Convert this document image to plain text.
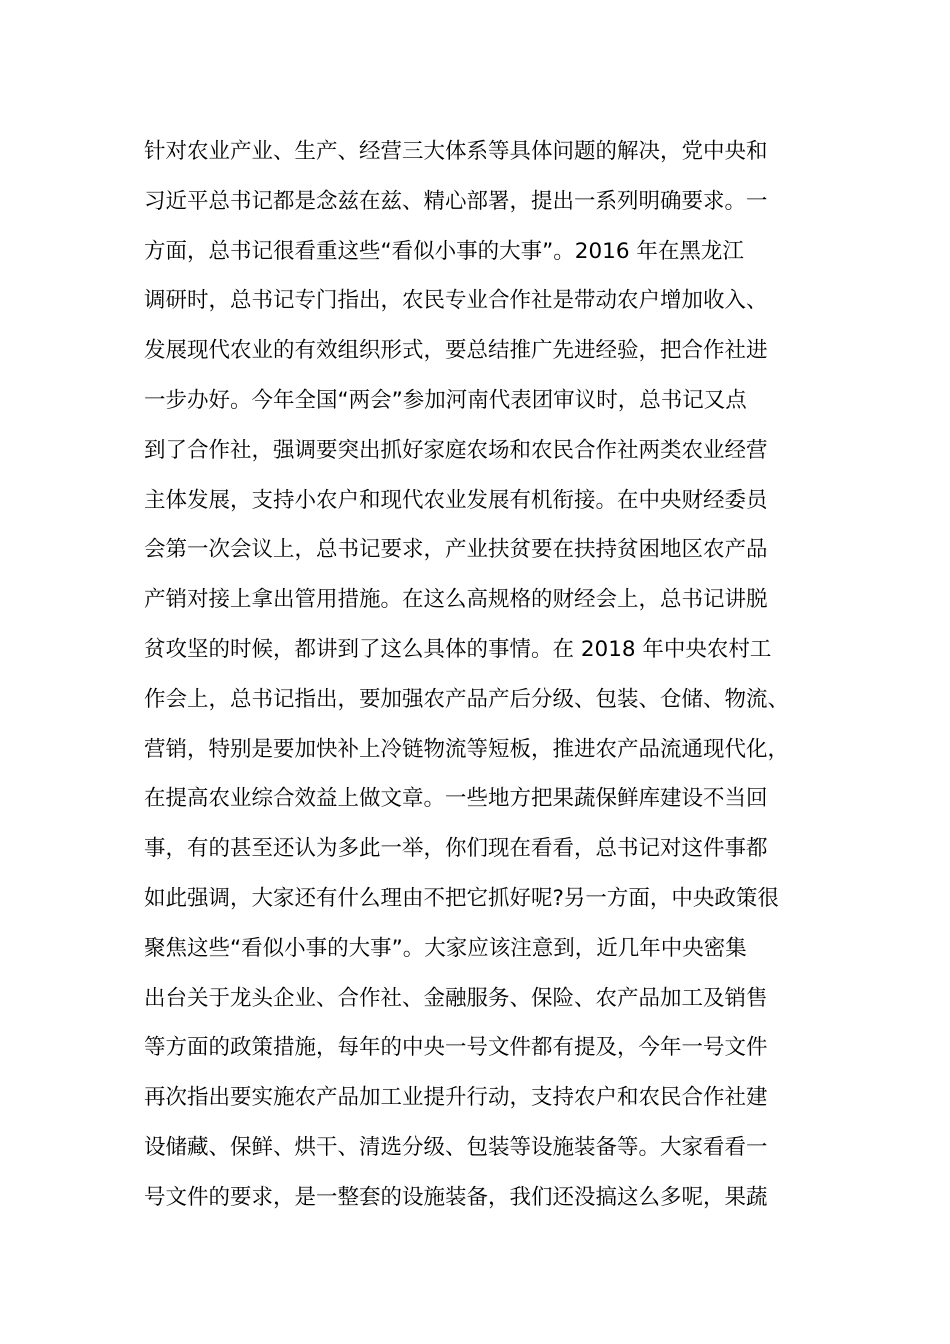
针对农业产业、生产、经营三大体系等具体问题的解决，党中央和
习近平总书记都是念兹在兹、精心部署，提出一系列明确要求。一
方面，总书记很看重这些“看似小事的大事”。2016 年在黑龙江
调研时，总书记专门指出，农民专业合作社是带动农户增加收入、
发展现代农业的有效组织形式，要总结推广先进经验，把合作社进
一步办好。今年全国“两会”参加河南代表团审议时，总书记又点
到了合作社，强调要突出抓好家庭农场和农民合作社两类农业经营
主体发展，支持小农户和现代农业发展有机衔接。在中央财经委员
会第一次会议上，总书记要求，产业扶贫要在扶持贫困地区农产品
产销对接上拿出管用措施。在这么高规格的财经会上，总书记讲脱
贫攻坚的时候，都讲到了这么具体的事情。在 2018 年中央农村工
作会上，总书记指出，要加强农产品产后分级、包装、仓储、物流、
营销，特别是要加快补上冷链物流等短板，推进农产品流通现代化，
在提高农业综合效益上做文章。一些地方把果蔬保鲜库建设不当回
事，有的甚至还认为多此一举，你们现在看看，总书记对这件事都
如此强调，大家还有什么理由不把它抓好呢?另一方面，中央政策很
聚焦这些“看似小事的大事”。大家应该注意到，近几年中央密集
出台关于龙头企业、合作社、金融服务、保险、农产品加工及销售
等方面的政策措施，每年的中央一号文件都有提及，今年一号文件
再次指出要实施农产品加工业提升行动，支持农户和农民合作社建
设储藏、保鲜、烘干、清选分级、包装等设施装备等。大家看看一
号文件的要求，是一整套的设施装备，我们还没搞这么多呢，果蔬
